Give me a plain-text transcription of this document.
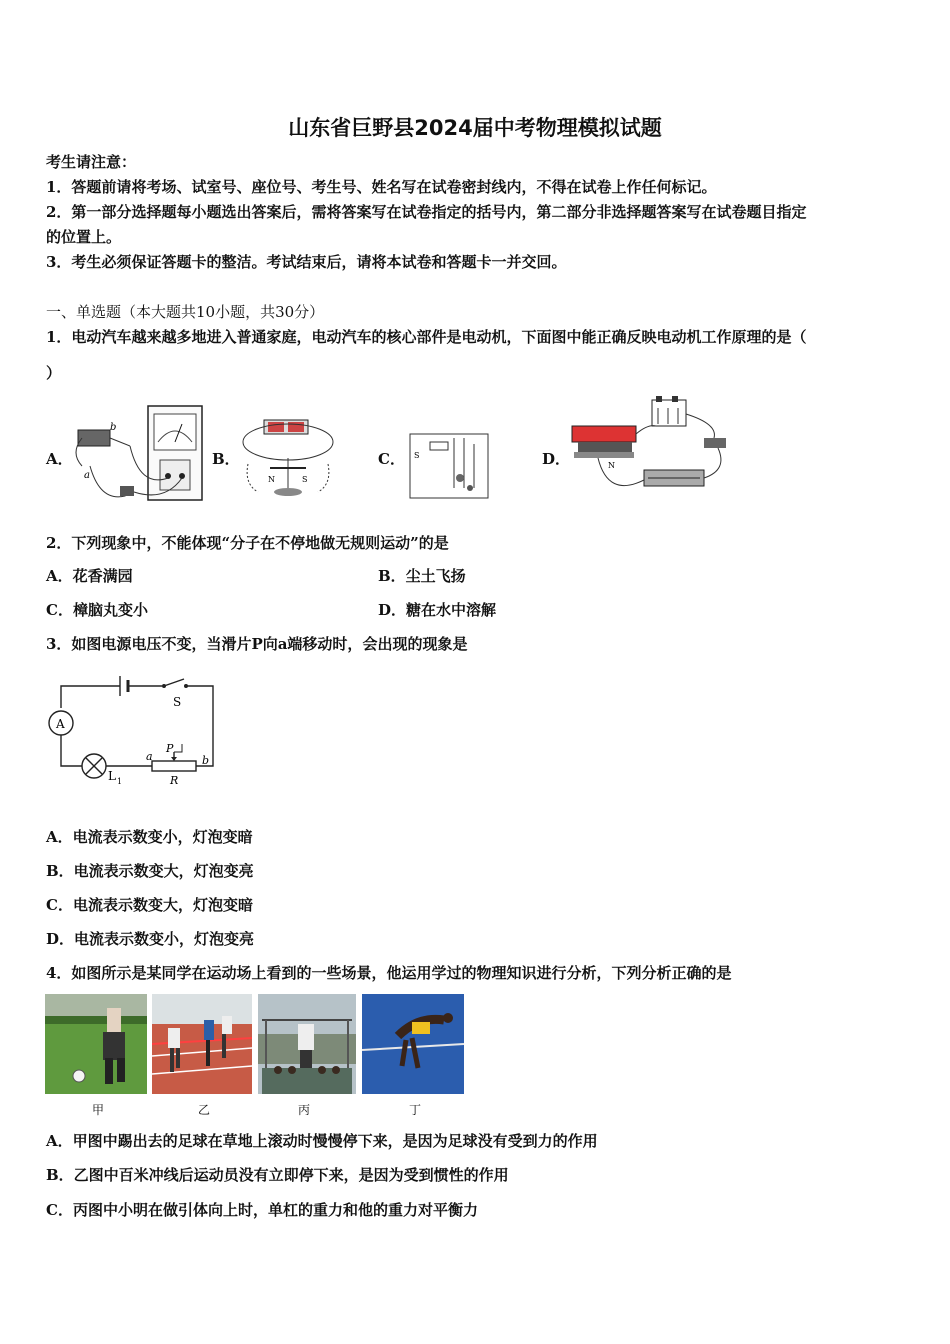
山东省巨野县2024届中考物理模拟试题
考生请注意：
1．答题前请将考场、试室号、座位号、考生号、姓名写在试卷密封线内，不得在试卷上作任何标记。
2．第一部分选择题每小题选出答案后，需将答案写在试卷指定的括号内，第二部分非选择题答案写在试卷题目指定
的位置上。
3．考生必须保证答题卡的整洁。考试结束后，请将本试卷和答题卡一并交回。
一、单选题（本大题共10小题，共30分）
1．电动汽车越来越多地进入普通家庭，电动汽车的核心部件是电动机，下面图中能正确反映电动机工作原理的是（
）
A．
b
a
B．
N	S
C． S	D．	N
2．下列现象中，不能体现“分子在不停地做无规则运动”的是
A．花香满园	B．尘土飞扬
C．樟脑丸变小	D．糖在水中溶解
3．如图电源电压不变，当滑片P向a端移动时，会出现的现象是
S
A
L 1
a	b
P
R
A．电流表示数变小，灯泡变暗
B．电流表示数变大，灯泡变亮
C．电流表示数变大，灯泡变暗
D．电流表示数变小，灯泡变亮
4．如图所示是某同学在运动场上看到的一些场景，他运用学过的物理知识进行分析，下列分析正确的是
甲	乙	丙	丁
A．甲图中踢出去的足球在草地上滚动时慢慢停下来，是因为足球没有受到力的作用
B．乙图中百米冲线后运动员没有立即停下来，是因为受到惯性的作用
C．丙图中小明在做引体向上时，单杠的重力和他的重力对平衡力
